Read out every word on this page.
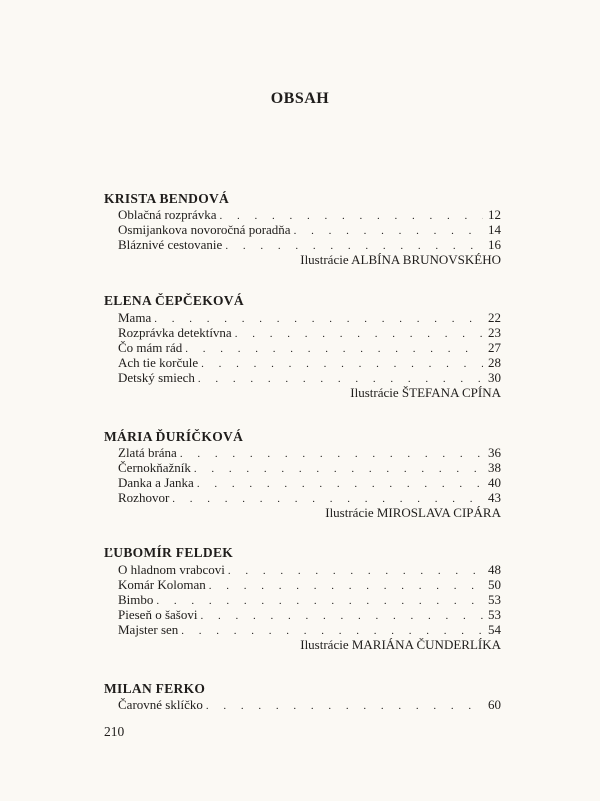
OBSAH
KRISTA BENDOVÁ
Oblačná rozprávka . . .	12
Osmijankova novoročná poradňa . . .	14
Bláznivé cestovanie . . .	16
Ilustrácie ALBÍNA BRUNOVSKÉHO
ELENA ČEPČEKOVÁ
Mama . . .	22
Rozprávka detektívna . . .	23
Čo mám rád . . .	27
Ach tie korčule . . .	28
Detský smiech . . .	30
Ilustrácie ŠTEFANA CPÍNA
MÁRIA ĎURÍČKOVÁ
Zlatá brána . . .	36
Černokňažník . . .	38
Danka a Janka . . .	40
Rozhovor . . .	43
Ilustrácie MIROSLAVA CIPÁRA
ĽUBOMÍR FELDEK
O hladnom vrabcovi . . .	48
Komár Koloman . . .	50
Bimbo . . .	53
Pieseň o šašovi . . .	53
Majster sen . . .	54
Ilustrácie MARIÁNA ČUNDERLÍKA
MILAN FERKO
Čarovné sklíčko . . .	60
210
